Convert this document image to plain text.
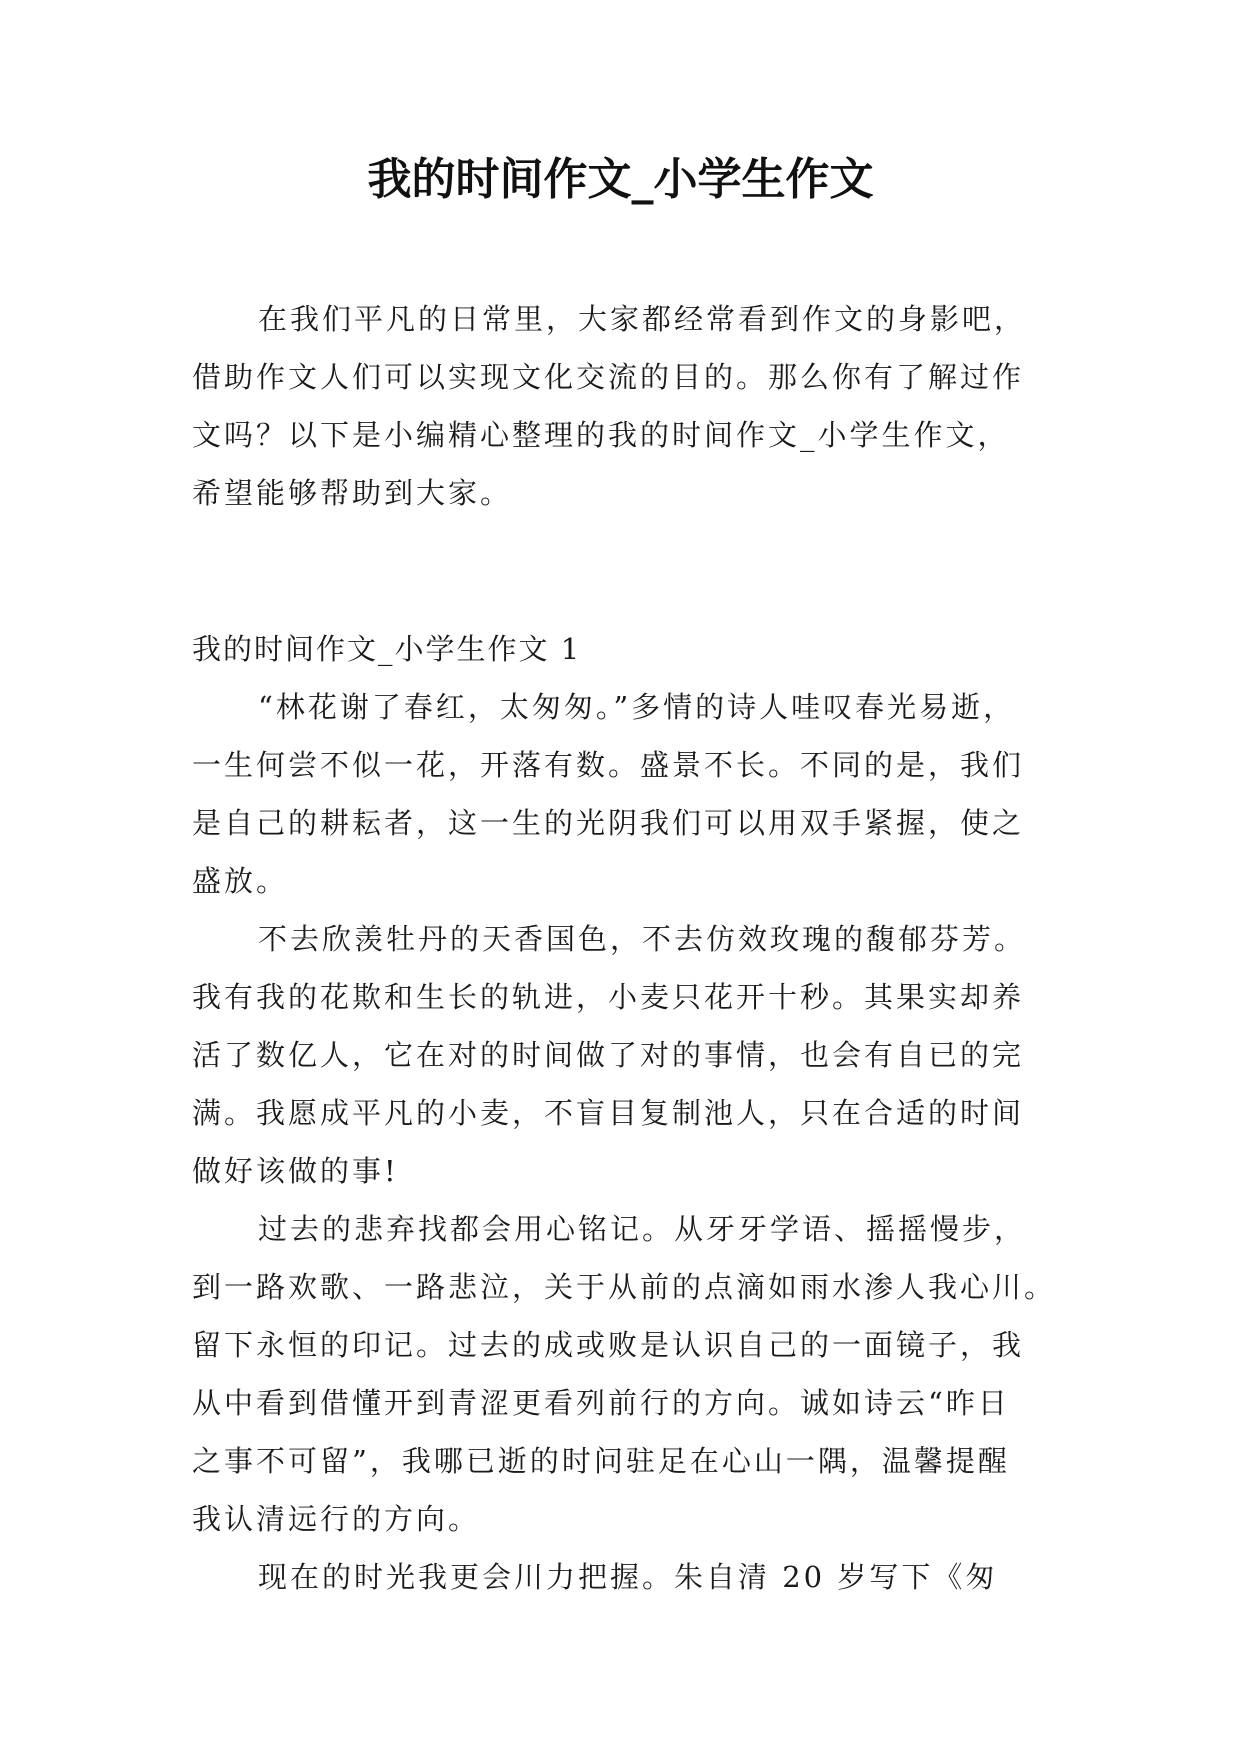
我的时间作文_小学生作文

在我们平凡的日常里，大家都经常看到作文的身影吧，
借助作文人们可以实现文化交流的目的。那么你有了解过作
文吗？以下是小编精心整理的我的时间作文_小学生作文，
希望能够帮助到大家。

我的时间作文_小学生作文 1

“林花谢了春红，太匆匆。”多情的诗人哇叹春光易逝，
一生何尝不似一花，开落有数。盛景不长。不同的是，我们
是自己的耕耘者，这一生的光阴我们可以用双手紧握，使之
盛放。

不去欣羡牡丹的天香国色，不去仿效玫瑰的馥郁芬芳。
我有我的花欺和生长的轨进，小麦只花开十秒。其果实却养
活了数亿人，它在对的时间做了对的事情，也会有自已的完
满。我愿成平凡的小麦，不盲目复制池人，只在合适的时间
做好该做的事!

过去的悲弃找都会用心铭记。从牙牙学语、摇摇慢步，
到一路欢歌、一路悲泣，关于从前的点滴如雨水渗人我心川。
留下永恒的印记。过去的成或败是认识自己的一面镜子，我
从中看到借懂开到青涩更看列前行的方向。诚如诗云“昨日
之事不可留”，我哪已逝的时问驻足在心山一隅，温馨提醒
我认清远行的方向。

现在的时光我更会川力把握。朱自清 20 岁写下《匆
